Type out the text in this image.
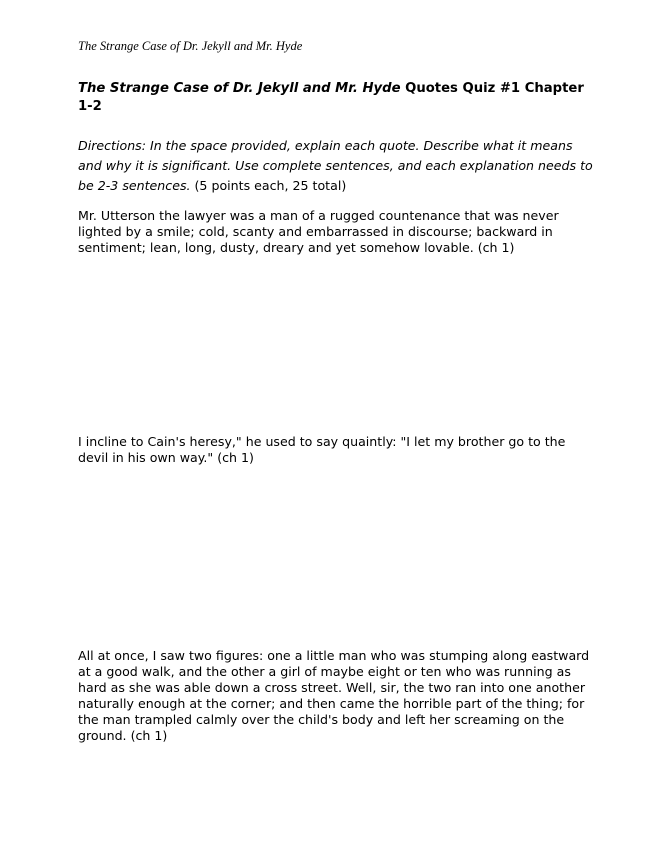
The Strange Case of Dr. Jekyll and Mr. Hyde
The Strange Case of Dr. Jekyll and Mr. Hyde Quotes Quiz #1 Chapter 1-2
Directions: In the space provided, explain each quote. Describe what it means and why it is significant. Use complete sentences, and each explanation needs to be 2-3 sentences. (5 points each, 25 total)
Mr. Utterson the lawyer was a man of a rugged countenance that was never lighted by a smile; cold, scanty and embarrassed in discourse; backward in sentiment; lean, long, dusty, dreary and yet somehow lovable. (ch 1)
I incline to Cain's heresy," he used to say quaintly: "I let my brother go to the devil in his own way." (ch 1)
All at once, I saw two figures: one a little man who was stumping along eastward at a good walk, and the other a girl of maybe eight or ten who was running as hard as she was able down a cross street. Well, sir, the two ran into one another naturally enough at the corner; and then came the horrible part of the thing; for the man trampled calmly over the child's body and left her screaming on the ground. (ch 1)
